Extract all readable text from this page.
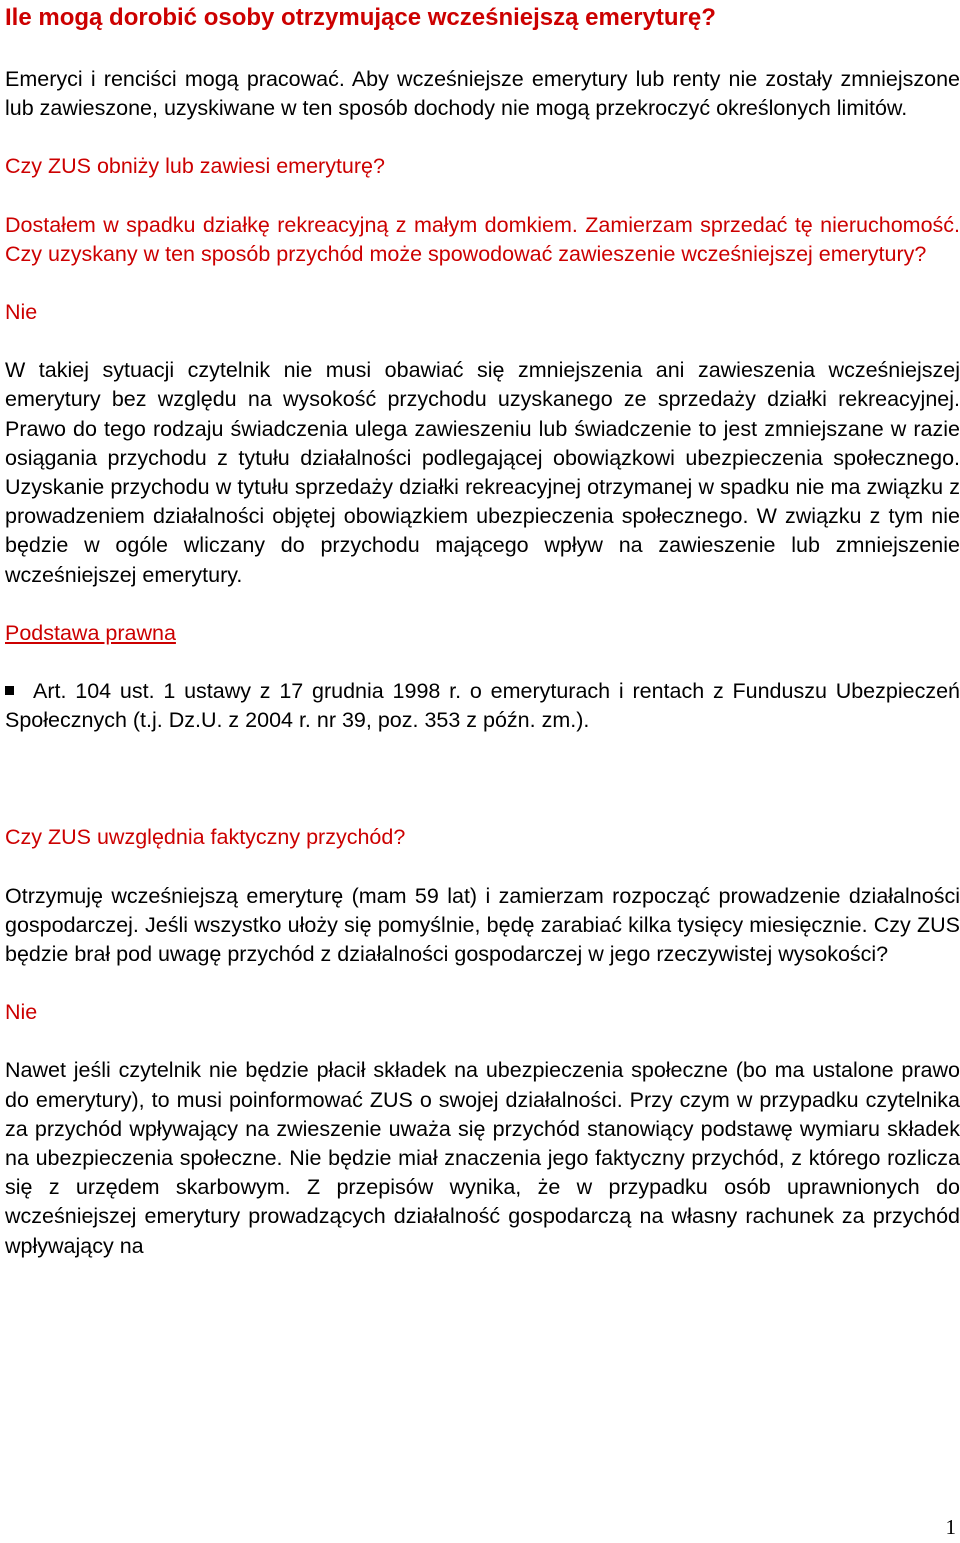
Ile mogą dorobić osoby otrzymujące wcześniejszą emeryturę?

Emeryci i renciści mogą pracować. Aby wcześniejsze emerytury lub renty nie zostały zmniejszone lub zawieszone, uzyskiwane w ten sposób dochody nie mogą przekroczyć określonych limitów.

Czy ZUS obniży lub zawiesi emeryturę?

Dostałem w spadku działkę rekreacyjną z małym domkiem. Zamierzam sprzedać tę nieruchomość. Czy uzyskany w ten sposób przychód może spowodować zawieszenie wcześniejszej emerytury?

Nie

W takiej sytuacji czytelnik nie musi obawiać się zmniejszenia ani zawieszenia wcześniejszej emerytury bez względu na wysokość przychodu uzyskanego ze sprzedaży działki rekreacyjnej. Prawo do tego rodzaju świadczenia ulega zawieszeniu lub świadczenie to jest zmniejszane w razie osiągania przychodu z tytułu działalności podlegającej obowiązkowi ubezpieczenia społecznego. Uzyskanie przychodu w tytułu sprzedaży działki rekreacyjnej otrzymanej w spadku nie ma związku z prowadzeniem działalności objętej obowiązkiem ubezpieczenia społecznego. W związku z tym nie będzie w ogóle wliczany do przychodu mającego wpływ na zawieszenie lub zmniejszenie wcześniejszej emerytury.

Podstawa prawna

Art. 104 ust. 1 ustawy z 17 grudnia 1998 r. o emeryturach i rentach z Funduszu Ubezpieczeń Społecznych (t.j. Dz.U. z 2004 r. nr 39, poz. 353 z późn. zm.).

Czy ZUS uwzględnia faktyczny przychód?

Otrzymuję wcześniejszą emeryturę (mam 59 lat) i zamierzam rozpocząć prowadzenie działalności gospodarczej. Jeśli wszystko ułoży się pomyślnie, będę zarabiać kilka tysięcy miesięcznie. Czy ZUS będzie brał pod uwagę przychód z działalności gospodarczej w jego rzeczywistej wysokości?

Nie

Nawet jeśli czytelnik nie będzie płacił składek na ubezpieczenia społeczne (bo ma ustalone prawo do emerytury), to musi poinformować ZUS o swojej działalności. Przy czym w przypadku czytelnika za przychód wpływający na zwieszenie uważa się przychód stanowiący podstawę wymiaru składek na ubezpieczenia społeczne. Nie będzie miał znaczenia jego faktyczny przychód, z którego rozlicza się z urzędem skarbowym. Z przepisów wynika, że w przypadku osób uprawnionych do wcześniejszej emerytury prowadzących działalność gospodarczą na własny rachunek za przychód wpływający na

1
